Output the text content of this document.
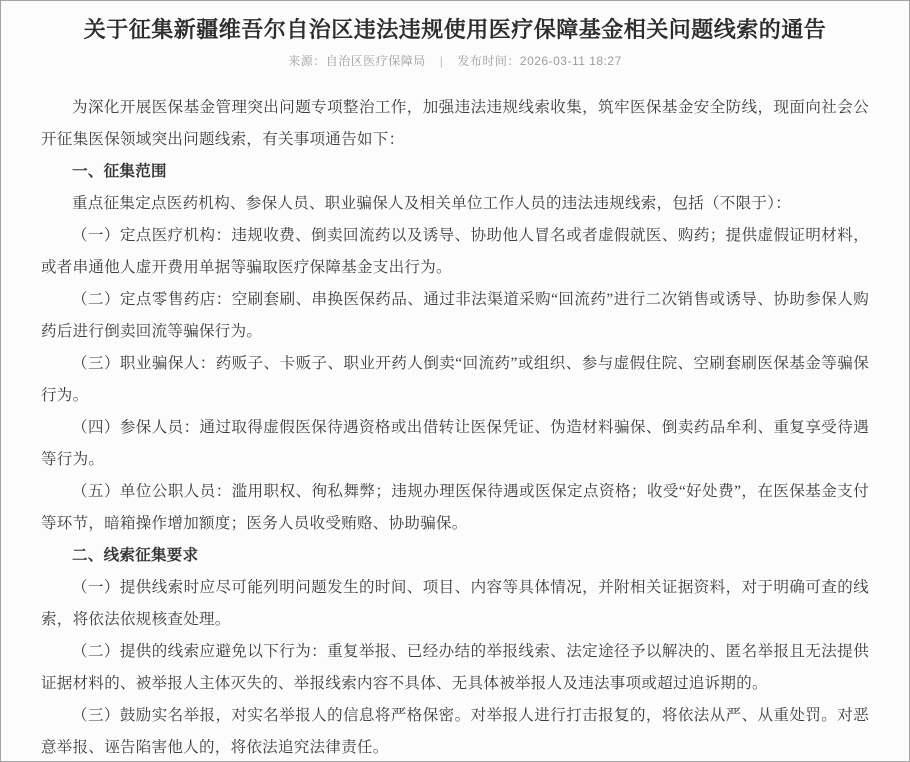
关于征集新疆维吾尔自治区违法违规使用医疗保障基金相关问题线索的通告
来源：自治区医疗保障局 | 发布时间：2026-03-11 18:27

为深化开展医保基金管理突出问题专项整治工作，加强违法违规线索收集，筑牢医保基金安全防线，现面向社会公开征集医保领域突出问题线索，有关事项通告如下：

一、征集范围

重点征集定点医药机构、参保人员、职业骗保人及相关单位工作人员的违法违规线索，包括（不限于）：

（一）定点医疗机构：违规收费、倒卖回流药以及诱导、协助他人冒名或者虚假就医、购药；提供虚假证明材料，或者串通他人虚开费用单据等骗取医疗保障基金支出行为。

（二）定点零售药店：空刷套刷、串换医保药品、通过非法渠道采购“回流药”进行二次销售或诱导、协助参保人购药后进行倒卖回流等骗保行为。

（三）职业骗保人：药贩子、卡贩子、职业开药人倒卖“回流药”或组织、参与虚假住院、空刷套刷医保基金等骗保行为。

（四）参保人员：通过取得虚假医保待遇资格或出借转让医保凭证、伪造材料骗保、倒卖药品牟利、重复享受待遇等行为。

（五）单位公职人员：滥用职权、徇私舞弊；违规办理医保待遇或医保定点资格；收受“好处费”，在医保基金支付等环节，暗箱操作增加额度；医务人员收受贿赂、协助骗保。

二、线索征集要求

（一）提供线索时应尽可能列明问题发生的时间、项目、内容等具体情况，并附相关证据资料，对于明确可查的线索，将依法依规核查处理。

（二）提供的线索应避免以下行为：重复举报、已经办结的举报线索、法定途径予以解决的、匿名举报且无法提供证据材料的、被举报人主体灭失的、举报线索内容不具体、无具体被举报人及违法事项或超过追诉期的。

（三）鼓励实名举报，对实名举报人的信息将严格保密。对举报人进行打击报复的，将依法从严、从重处罚。对恶意举报、诬告陷害他人的，将依法追究法律责任。
